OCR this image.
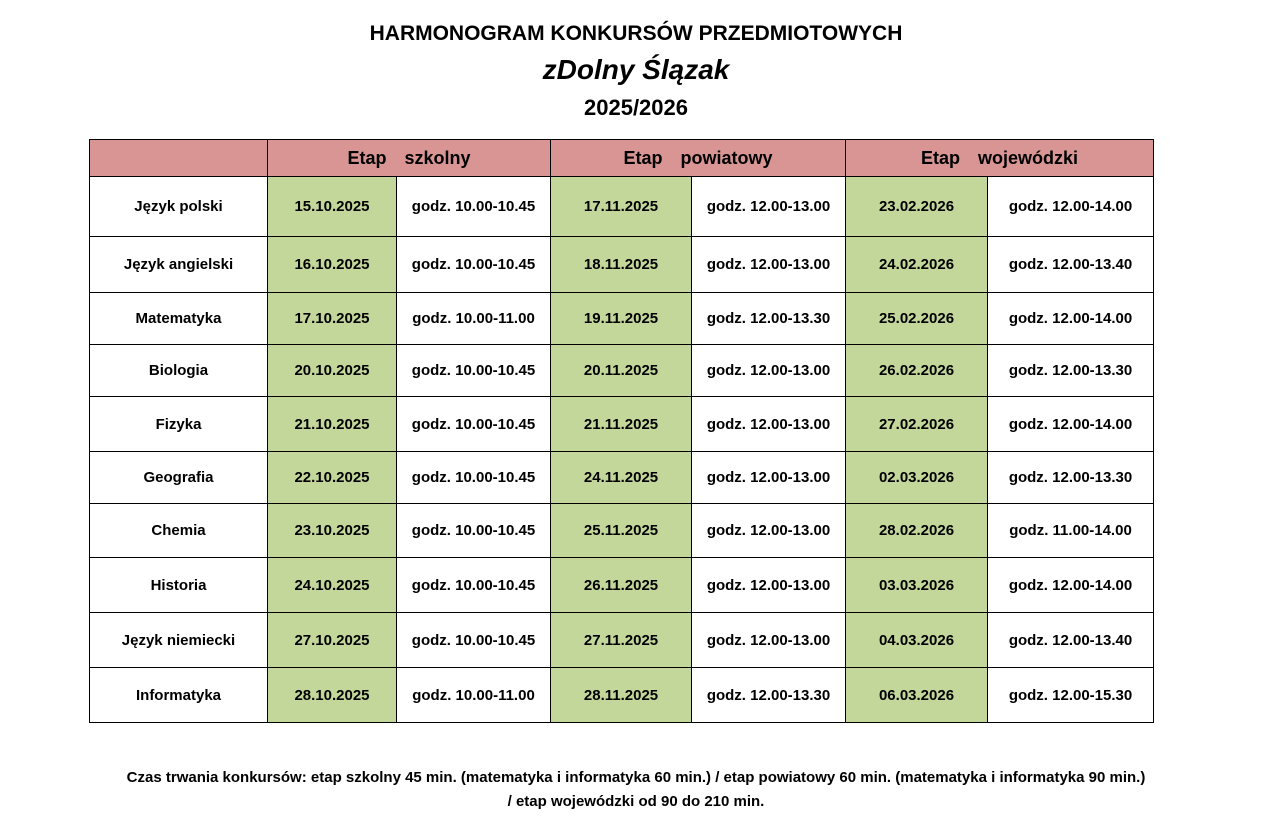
HARMONOGRAM KONKURSÓW PRZEDMIOTOWYCH
zDolny Ślązak
2025/2026
	Etap szkolny		Etap powiatowy		Etap wojewódzki	
Język polski	15.10.2025	godz. 10.00-10.45	17.11.2025	godz. 12.00-13.00	23.02.2026	godz. 12.00-14.00
Język angielski	16.10.2025	godz. 10.00-10.45	18.11.2025	godz. 12.00-13.00	24.02.2026	godz. 12.00-13.40
Matematyka	17.10.2025	godz. 10.00-11.00	19.11.2025	godz. 12.00-13.30	25.02.2026	godz. 12.00-14.00
Biologia	20.10.2025	godz. 10.00-10.45	20.11.2025	godz. 12.00-13.00	26.02.2026	godz. 12.00-13.30
Fizyka	21.10.2025	godz. 10.00-10.45	21.11.2025	godz. 12.00-13.00	27.02.2026	godz. 12.00-14.00
Geografia	22.10.2025	godz. 10.00-10.45	24.11.2025	godz. 12.00-13.00	02.03.2026	godz. 12.00-13.30
Chemia	23.10.2025	godz. 10.00-10.45	25.11.2025	godz. 12.00-13.00	28.02.2026	godz. 11.00-14.00
Historia	24.10.2025	godz. 10.00-10.45	26.11.2025	godz. 12.00-13.00	03.03.2026	godz. 12.00-14.00
Język niemiecki	27.10.2025	godz. 10.00-10.45	27.11.2025	godz. 12.00-13.00	04.03.2026	godz. 12.00-13.40
Informatyka	28.10.2025	godz. 10.00-11.00	28.11.2025	godz. 12.00-13.30	06.03.2026	godz. 12.00-15.30
Czas trwania konkursów: etap szkolny 45 min. (matematyka i informatyka 60 min.) / etap powiatowy 60 min. (matematyka i informatyka 90 min.)
/ etap wojewódzki od 90 do 210 min.
